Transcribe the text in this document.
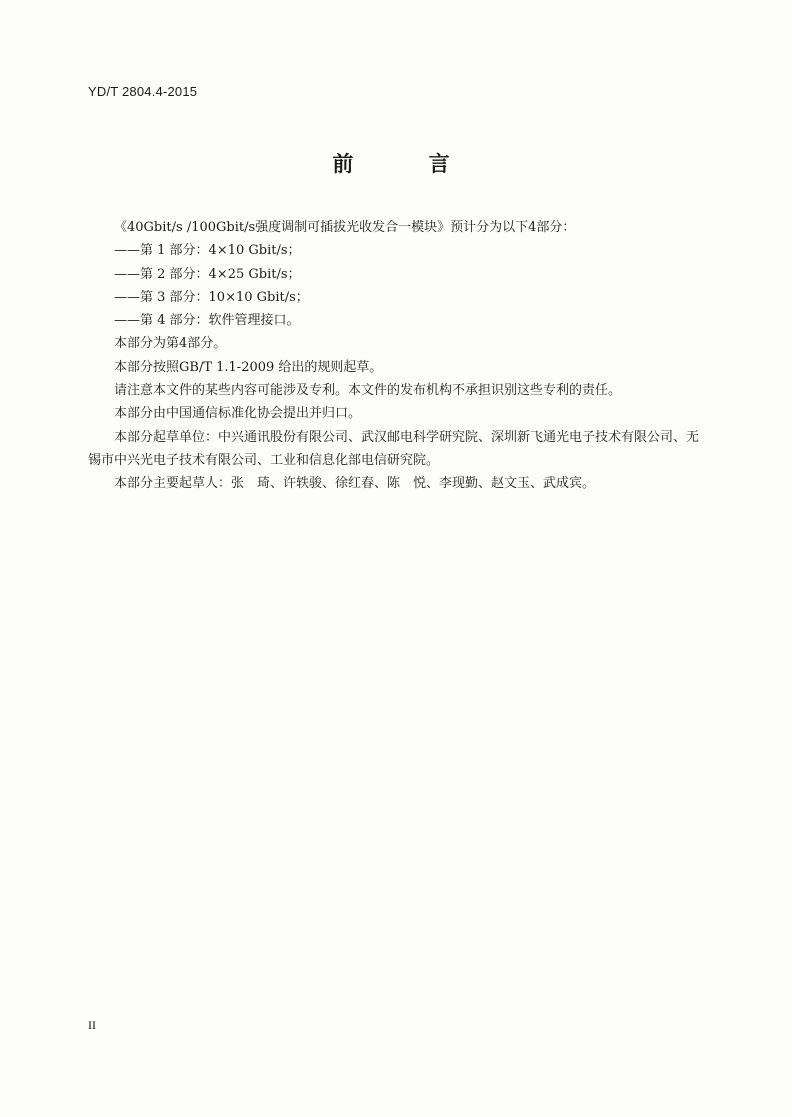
YD/T 2804.4-2015
前 言

《40Gbit/s /100Gbit/s强度调制可插拔光收发合一模块》预计分为以下4部分：

——第 1 部分：4×10 Gbit/s；

——第 2 部分：4×25 Gbit/s；

——第 3 部分：10×10 Gbit/s；

——第 4 部分：软件管理接口。

本部分为第4部分。

本部分按照GB/T 1.1-2009 给出的规则起草。

请注意本文件的某些内容可能涉及专利。本文件的发布机构不承担识别这些专利的责任。

本部分由中国通信标准化协会提出并归口。

本部分起草单位：中兴通讯股份有限公司、武汉邮电科学研究院、深圳新飞通光电子技术有限公司、无锡市中兴光电子技术有限公司、工业和信息化部电信研究院。

本部分主要起草人：张　琦、许轶骏、徐红春、陈　悦、李现勤、赵文玉、武成宾。

II
